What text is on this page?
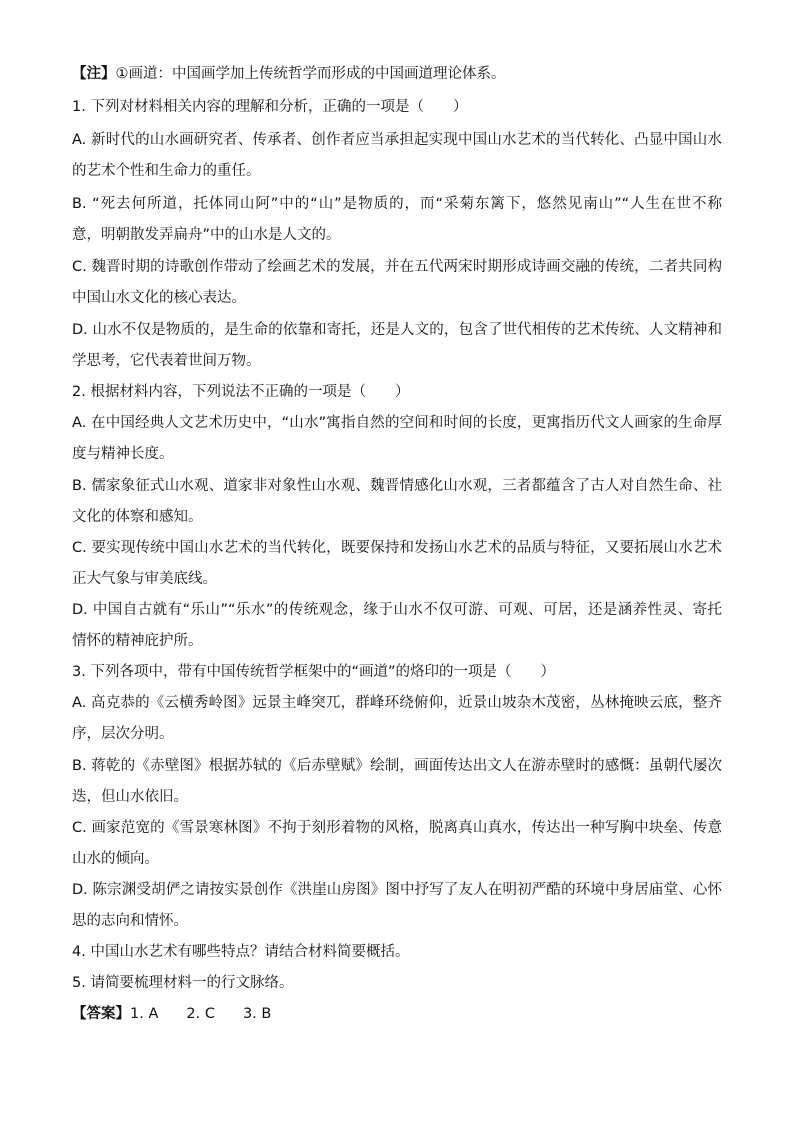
【注】①画道：中国画学加上传统哲学而形成的中国画道理论体系。
1. 下列对材料相关内容的理解和分析，正确的一项是（　　）
A. 新时代的山水画研究者、传承者、创作者应当承担起实现中国山水艺术的当代转化、凸显中国山水
的艺术个性和生命力的重任。
B. “死去何所道，托体同山阿”中的“山”是物质的，而“采菊东篱下，悠然见南山”“人生在世不称
意，明朝散发弄扁舟”中的山水是人文的。
C. 魏晋时期的诗歌创作带动了绘画艺术的发展，并在五代两宋时期形成诗画交融的传统，二者共同构
中国山水文化的核心表达。
D. 山水不仅是物质的，是生命的依靠和寄托，还是人文的，包含了世代相传的艺术传统、人文精神和
学思考，它代表着世间万物。
2. 根据材料内容，下列说法不正确的一项是（　　）
A. 在中国经典人文艺术历史中，“山水”寓指自然的空间和时间的长度，更寓指历代文人画家的生命厚
度与精神长度。
B. 儒家象征式山水观、道家非对象性山水观、魏晋情感化山水观，三者都蕴含了古人对自然生命、社
文化的体察和感知。
C. 要实现传统中国山水艺术的当代转化，既要保持和发扬山水艺术的品质与特征，又要拓展山水艺术
正大气象与审美底线。
D. 中国自古就有“乐山”“乐水”的传统观念，缘于山水不仅可游、可观、可居，还是涵养性灵、寄托
情怀的精神庇护所。
3. 下列各项中，带有中国传统哲学框架中的“画道”的烙印的一项是（　　）
A. 高克恭的《云横秀岭图》远景主峰突兀，群峰环绕俯仰，近景山坡杂木茂密，丛林掩映云底，整齐
序，层次分明。
B. 蒋乾的《赤壁图》根据苏轼的《后赤壁赋》绘制，画面传达出文人在游赤壁时的感慨：虽朝代屡次
迭，但山水依旧。
C. 画家范宽的《雪景寒林图》不拘于刻形着物的风格，脱离真山真水，传达出一种写胸中块垒、传意
山水的倾向。
D. 陈宗渊受胡俨之请按实景创作《洪崖山房图》图中抒写了友人在明初严酷的环境中身居庙堂、心怀
思的志向和情怀。
4. 中国山水艺术有哪些特点？请结合材料简要概括。
5. 请简要梳理材料一的行文脉络。
【答案】1. A 2. C 3. B
